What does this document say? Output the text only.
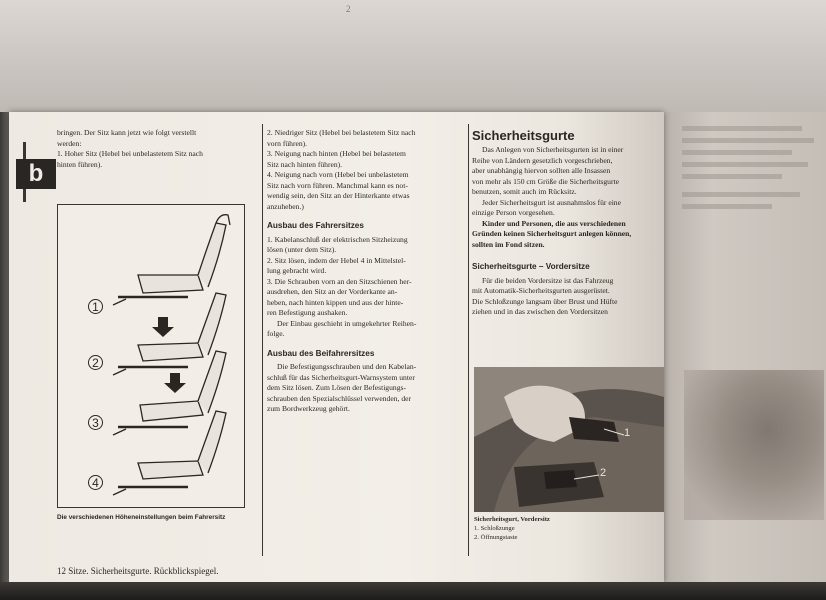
2
b

bringen. Der Sitz kann jetzt wie folgt verstellt

werden:

1. Hoher Sitz (Hebel bei unbelastetem Sitz nach

hinten führen).

1
2
3
4
Die verschiedenen Höheneinstellungen beim Fahrersitz

2. Niedriger Sitz (Hebel bei belastetem Sitz nach

vorn führen).

3. Neigung nach hinten (Hebel bei belastetem

Sitz nach hinten führen).

4. Neigung nach vorn (Hebel bei unbelastetem

Sitz nach vorn führen. Manchmal kann es not-

wendig sein, den Sitz an der Hinterkante etwas

anzuheben.)

Ausbau des Fahrersitzes

1. Kabelanschluß der elektrischen Sitzheizung

lösen (unter dem Sitz).

2. Sitz lösen, indem der Hebel 4 in Mittelstel-

lung gebracht wird.

3. Die Schrauben vorn an den Sitzschienen her-

ausdrehen, den Sitz an der Vorderkante an-

heben, nach hinten kippen und aus der hinte-

ren Befestigung aushaken.

Der Einbau geschieht in umgekehrter Reihen-

folge.

Ausbau des Beifahrersitzes

Die Befestigungsschrauben und den Kabelan-

schluß für das Sicherheitsgurt-Warnsystem unter

dem Sitz lösen. Zum Lösen der Befestigungs-

schrauben den Spezialschlüssel verwenden, der

zum Bordwerkzeug gehört.

Sicherheitsgurte

Das Anlegen von Sicherheitsgurten ist in einer

Reihe von Ländern gesetzlich vorgeschrieben,

aber unabhängig hiervon sollten alle Insassen

von mehr als 150 cm Größe die Sicherheitsgurte

benutzen, somit auch im Rücksitz.

Jeder Sicherheitsgurt ist ausnahmslos für eine

einzige Person vorgesehen.

Kinder und Personen, die aus verschiedenen

Gründen keinen Sicherheitsgurt anlegen können,

sollten im Fond sitzen.

Sicherheitsgurte – Vordersitze

Für die beiden Vordersitze ist das Fahrzeug

mit Automatik-Sicherheitsgurten ausgerüstet.

Die Schloßzunge langsam über Brust und Hüfte

ziehen und in das zwischen den Vordersitzen

1
2
Sicherheitsgurt, Vordersitz
1. Schloßzunge
2. Öffnungstaste
12 Sitze. Sicherheitsgurte. Rückblickspiegel.
